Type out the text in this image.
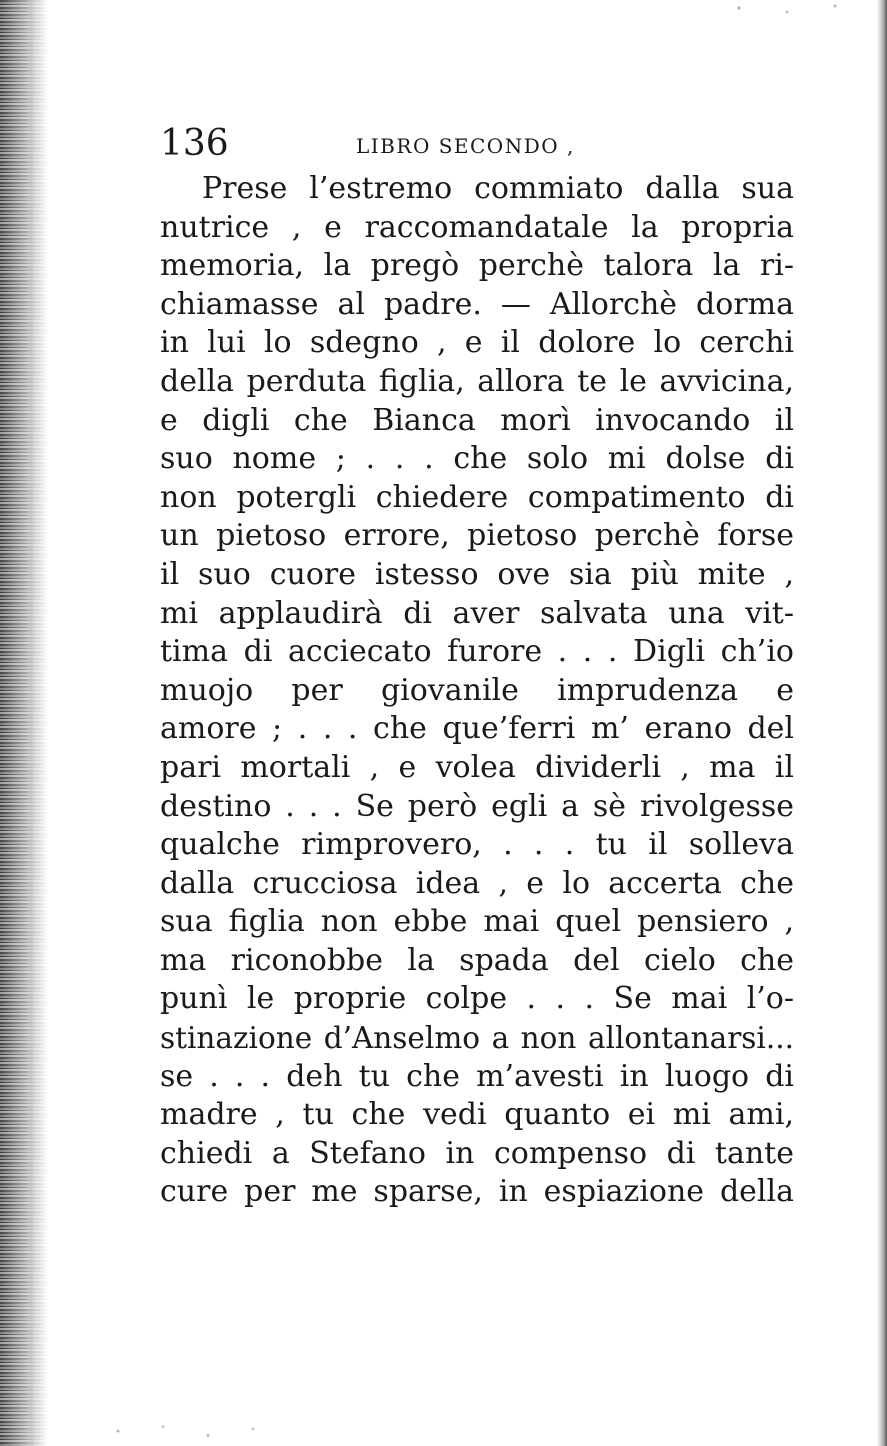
136	LIBRO SECONDO ,
Prese l’estremo commiato dalla sua
nutrice , e raccomandatale la propria
memoria, la pregò perchè talora la ri-
chiamasse al padre. — Allorchè dorma
in lui lo sdegno , e il dolore lo cerchi
della perduta figlia, allora te le avvicina,
e digli che Bianca morì invocando il
suo nome ; . . . che solo mi dolse di
non potergli chiedere compatimento di
un pietoso errore, pietoso perchè forse
il suo cuore istesso ove sia più mite ,
mi applaudirà di aver salvata una vit-
tima di acciecato furore . . . Digli ch’io
muojo per giovanile imprudenza e
amore ; . . . che que’ferri m’ erano del
pari mortali , e volea dividerli , ma il
destino . . . Se però egli a sè rivolgesse
qualche rimprovero, . . . tu il solleva
dalla crucciosa idea , e lo accerta che
sua figlia non ebbe mai quel pensiero ,
ma riconobbe la spada del cielo che
punì le proprie colpe . . . Se mai l’o-
stinazione d’Anselmo a non allontanarsi...
se . . . deh tu che m’avesti in luogo di
madre , tu che vedi quanto ei mi ami,
chiedi a Stefano in compenso di tante
cure per me sparse, in espiazione della
